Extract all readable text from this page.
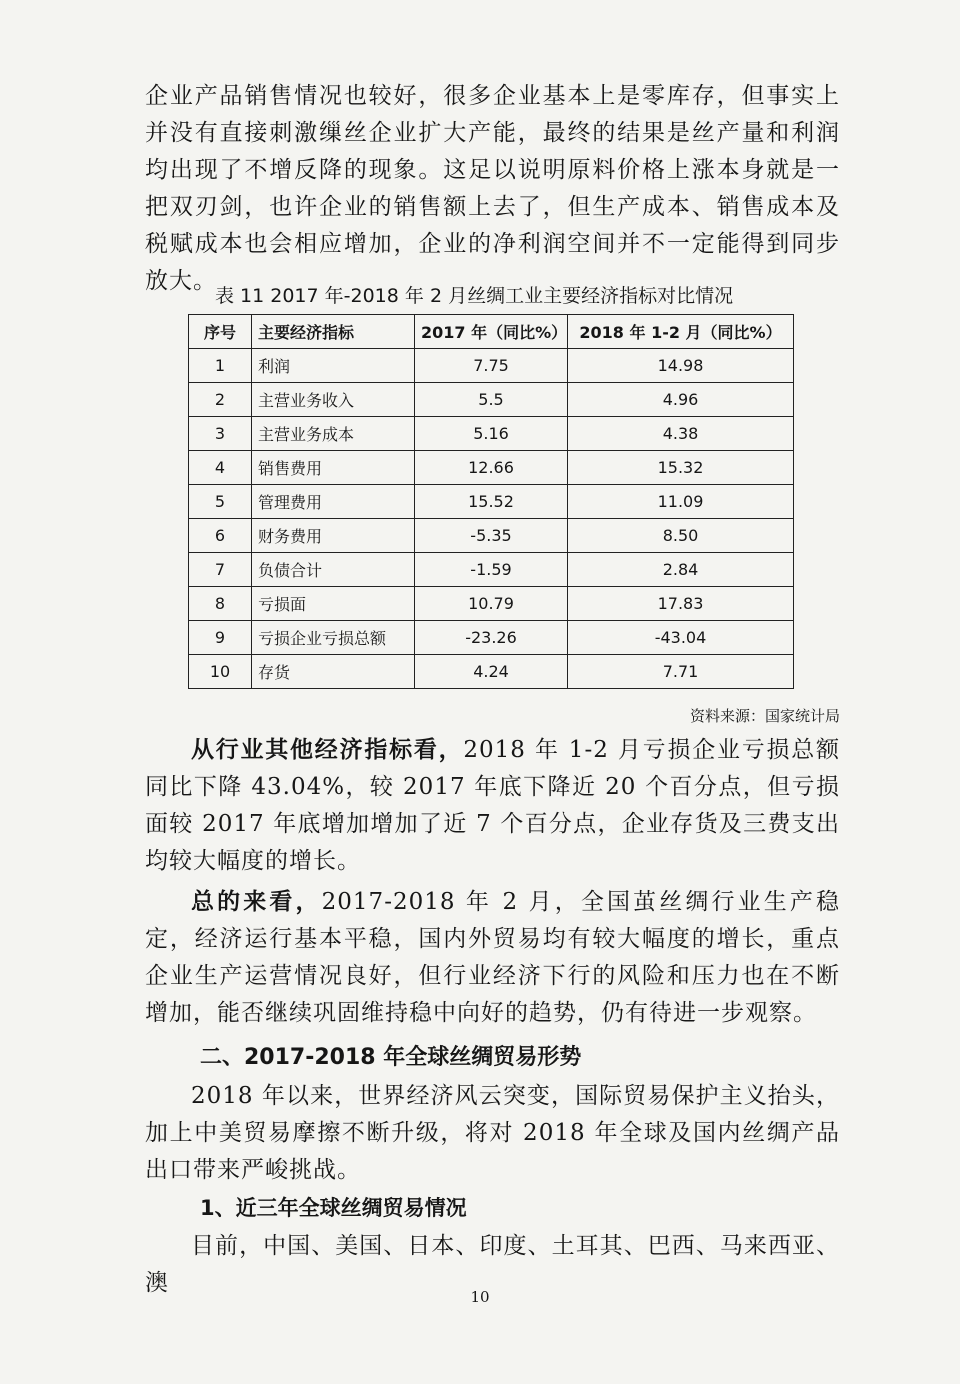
企业产品销售情况也较好，很多企业基本上是零库存，但事实上并没有直接刺激缫丝企业扩大产能，最终的结果是丝产量和利润均出现了不增反降的现象。这足以说明原料价格上涨本身就是一把双刃剑，也许企业的销售额上去了，但生产成本、销售成本及税赋成本也会相应增加，企业的净利润空间并不一定能得到同步放大。

表 11 2017 年-2018 年 2 月丝绸工业主要经济指标对比情况
序号	主要经济指标	2017 年（同比%）	2018 年 1-2 月（同比%）
1	利润	7.75	14.98
2	主营业务收入	5.5	4.96
3	主营业务成本	5.16	4.38
4	销售费用	12.66	15.32
5	管理费用	15.52	11.09
6	财务费用	-5.35	8.50
7	负债合计	-1.59	2.84
8	亏损面	10.79	17.83
9	亏损企业亏损总额	-23.26	-43.04
10	存货	4.24	7.71
资料来源：国家统计局

从行业其他经济指标看，2018 年 1-2 月亏损企业亏损总额同比下降 43.04%，较 2017 年底下降近 20 个百分点，但亏损面较 2017 年底增加增加了近 7 个百分点，企业存货及三费支出均较大幅度的增长。

总的来看，2017-2018 年 2 月，全国茧丝绸行业生产稳定，经济运行基本平稳，国内外贸易均有较大幅度的增长，重点企业生产运营情况良好，但行业经济下行的风险和压力也在不断增加，能否继续巩固维持稳中向好的趋势，仍有待进一步观察。

二、2017-2018 年全球丝绸贸易形势

2018 年以来，世界经济风云突变，国际贸易保护主义抬头，加上中美贸易摩擦不断升级，将对 2018 年全球及国内丝绸产品出口带来严峻挑战。

1、近三年全球丝绸贸易情况

目前，中国、美国、日本、印度、土耳其、巴西、马来西亚、澳

10
